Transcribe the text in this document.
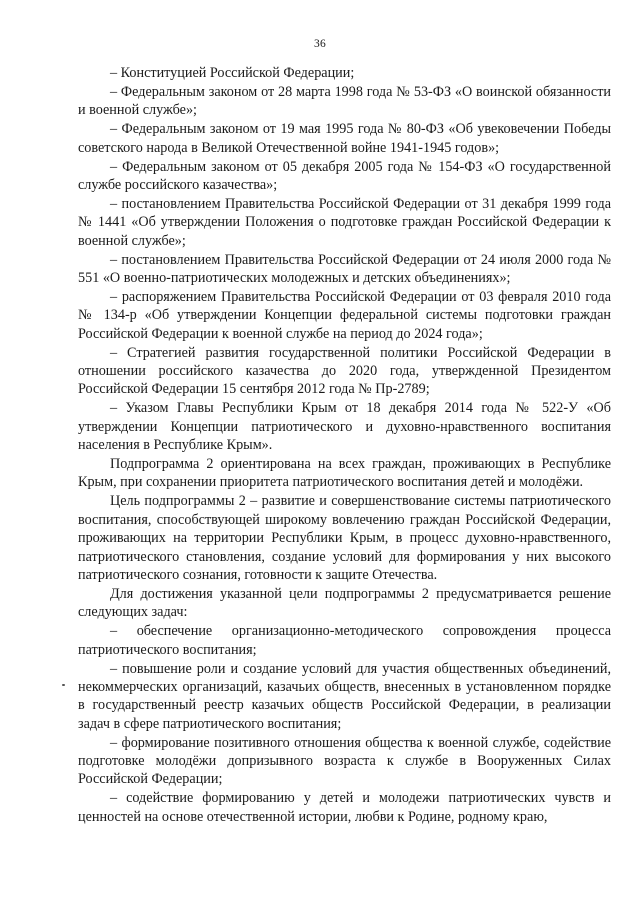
36

– Конституцией Российской Федерации;

– Федеральным законом от 28 марта 1998 года № 53-ФЗ «О воинской обязанности и военной службе»;

– Федеральным законом от 19 мая 1995 года № 80-ФЗ «Об увековечении Победы советского народа в Великой Отечественной войне 1941-1945 годов»;

– Федеральным законом от 05 декабря 2005 года № 154-ФЗ «О государственной службе российского казачества»;

– постановлением Правительства Российской Федерации от 31 декабря 1999 года № 1441 «Об утверждении Положения о подготовке граждан Российской Федерации к военной службе»;

– постановлением Правительства Российской Федерации от 24 июля 2000 года № 551 «О военно-патриотических молодежных и детских объединениях»;

– распоряжением Правительства Российской Федерации от 03 февраля 2010 года № 134-р «Об утверждении Концепции федеральной системы подготовки граждан Российской Федерации к военной службе на период до 2024 года»;

– Стратегией развития государственной политики Российской Федерации в отношении российского казачества до 2020 года, утвержденной Президентом Российской Федерации 15 сентября 2012 года № Пр-2789;

– Указом Главы Республики Крым от 18 декабря 2014 года № 522-У «Об утверждении Концепции патриотического и духовно-нравственного воспитания населения в Республике Крым».

Подпрограмма 2 ориентирована на всех граждан, проживающих в Республике Крым, при сохранении приоритета патриотического воспитания детей и молодёжи.

Цель подпрограммы 2 – развитие и совершенствование системы патриотического воспитания, способствующей широкому вовлечению граждан Российской Федерации, проживающих на территории Республики Крым, в процесс духовно-нравственного, патриотического становления, создание условий для формирования у них высокого патриотического сознания, готовности к защите Отечества.

Для достижения указанной цели подпрограммы 2 предусматривается решение следующих задач:

– обеспечение организационно-методического сопровождения процесса патриотического воспитания;

– повышение роли и создание условий для участия общественных объединений, некоммерческих организаций, казачьих обществ, внесенных в установленном порядке в государственный реестр казачьих обществ Российской Федерации, в реализации задач в сфере патриотического воспитания;

– формирование позитивного отношения общества к военной службе, содействие подготовке молодёжи допризывного возраста к службе в Вооруженных Силах Российской Федерации;

– содействие формированию у детей и молодежи патриотических чувств и ценностей на основе отечественной истории, любви к Родине, родному краю,
